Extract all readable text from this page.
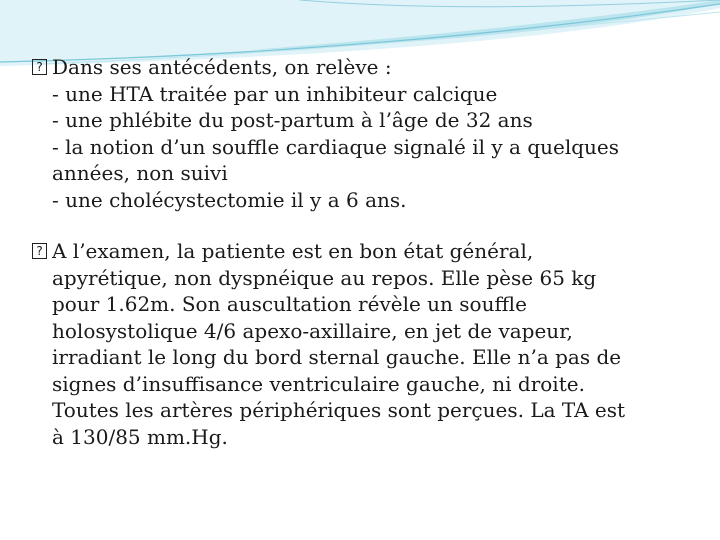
? Dans ses antécédents, on relève :
- une HTA traitée par un inhibiteur calcique
- une phlébite du post-partum à l’âge de 32 ans
- la notion d’un souffle cardiaque signalé il y a quelques
années, non suivi
- une cholécystectomie il y a 6 ans.
? A l’examen, la patiente est en bon état général,
apyrétique, non dyspnéique au repos. Elle pèse 65 kg
pour 1.62m. Son auscultation révèle un souffle
holosystolique 4/6 apexo-axillaire, en jet de vapeur,
irradiant le long du bord sternal gauche. Elle n’a pas de
signes d’insuffisance ventriculaire gauche, ni droite.
Toutes les artères périphériques sont perçues. La TA est
à 130/85 mm.Hg.
